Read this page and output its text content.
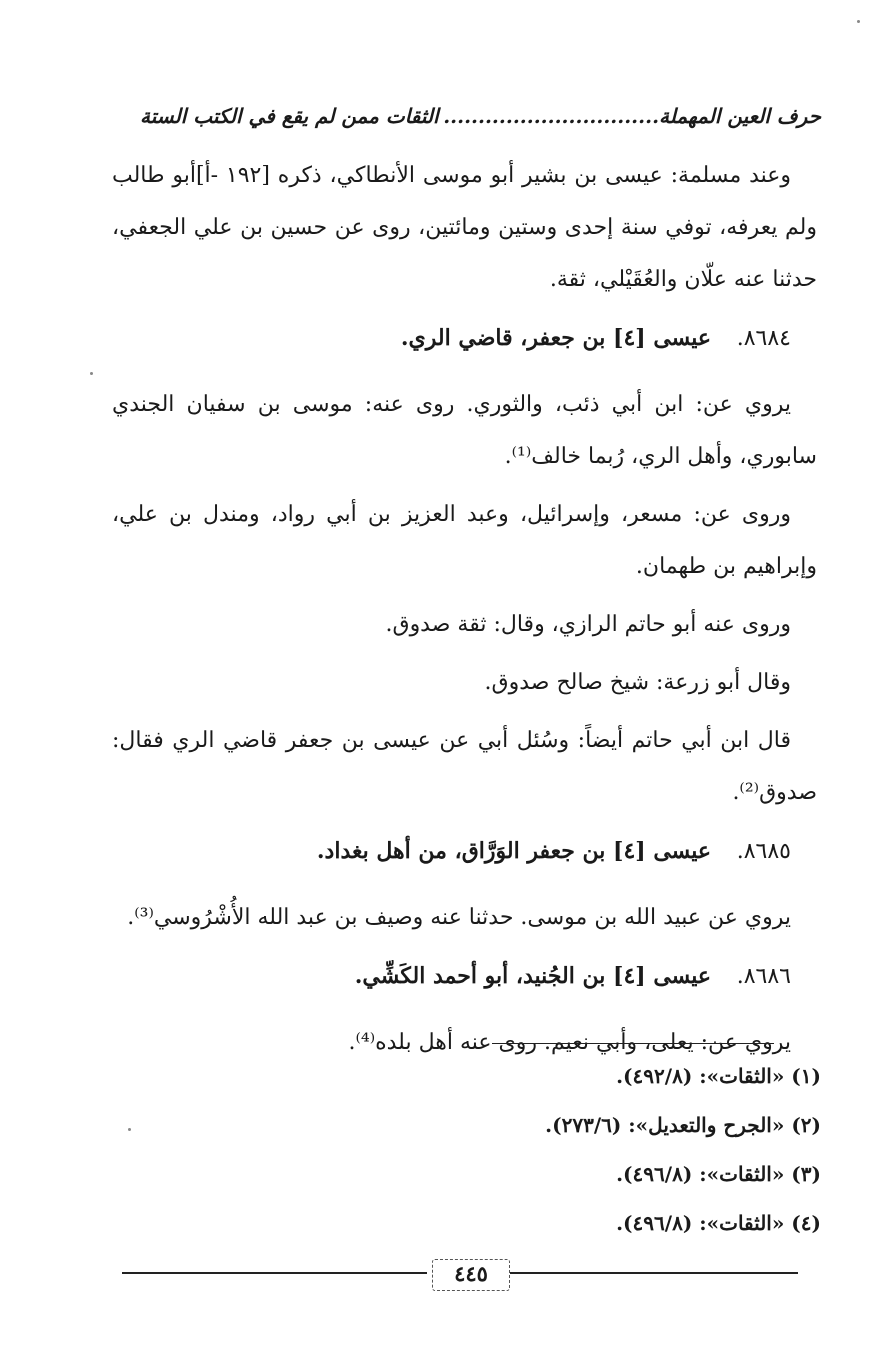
حرف العين المهملة...............................
الثقات ممن لم يقع في الكتب الستة

وعند مسلمة: عيسى بن بشير أبو موسى الأنطاكي، ذكره [١٩٢ -أ]أبو طالب ولم يعرفه، توفي سنة إحدى وستين ومائتين، روى عن حسين بن علي الجعفي، حدثنا عنه علّان والعُقَيْلي، ثقة.

٨٦٨٤. عيسى [٤] بن جعفر، قاضي الري.

يروي عن: ابن أبي ذئب، والثوري. روى عنه: موسى بن سفيان الجندي سابوري، وأهل الري، رُبما خالف⁽¹⁾.

وروى عن: مسعر، وإسرائيل، وعبد العزيز بن أبي رواد، ومندل بن علي، وإبراهيم بن طهمان.

وروى عنه أبو حاتم الرازي، وقال: ثقة صدوق.

وقال أبو زرعة: شيخ صالح صدوق.

قال ابن أبي حاتم أيضاً: وسُئل أبي عن عيسى بن جعفر قاضي الري فقال: صدوق⁽²⁾.

٨٦٨٥. عيسى [٤] بن جعفر الوَرَّاق، من أهل بغداد.

يروي عن عبيد الله بن موسى. حدثنا عنه وصيف بن عبد الله الأُشْرُوسي⁽³⁾.

٨٦٨٦. عيسى [٤] بن الجُنيد، أبو أحمد الكَشِّي.

يروي عن: يعلى، وأبي نعيم. روى عنه أهل بلده⁽⁴⁾.

(١) «الثقات»: (٤٩٢/٨).
(٢) «الجرح والتعديل»: (٢٧٣/٦).
(٣) «الثقات»: (٤٩٦/٨).
(٤) «الثقات»: (٤٩٦/٨).
٤٤٥
